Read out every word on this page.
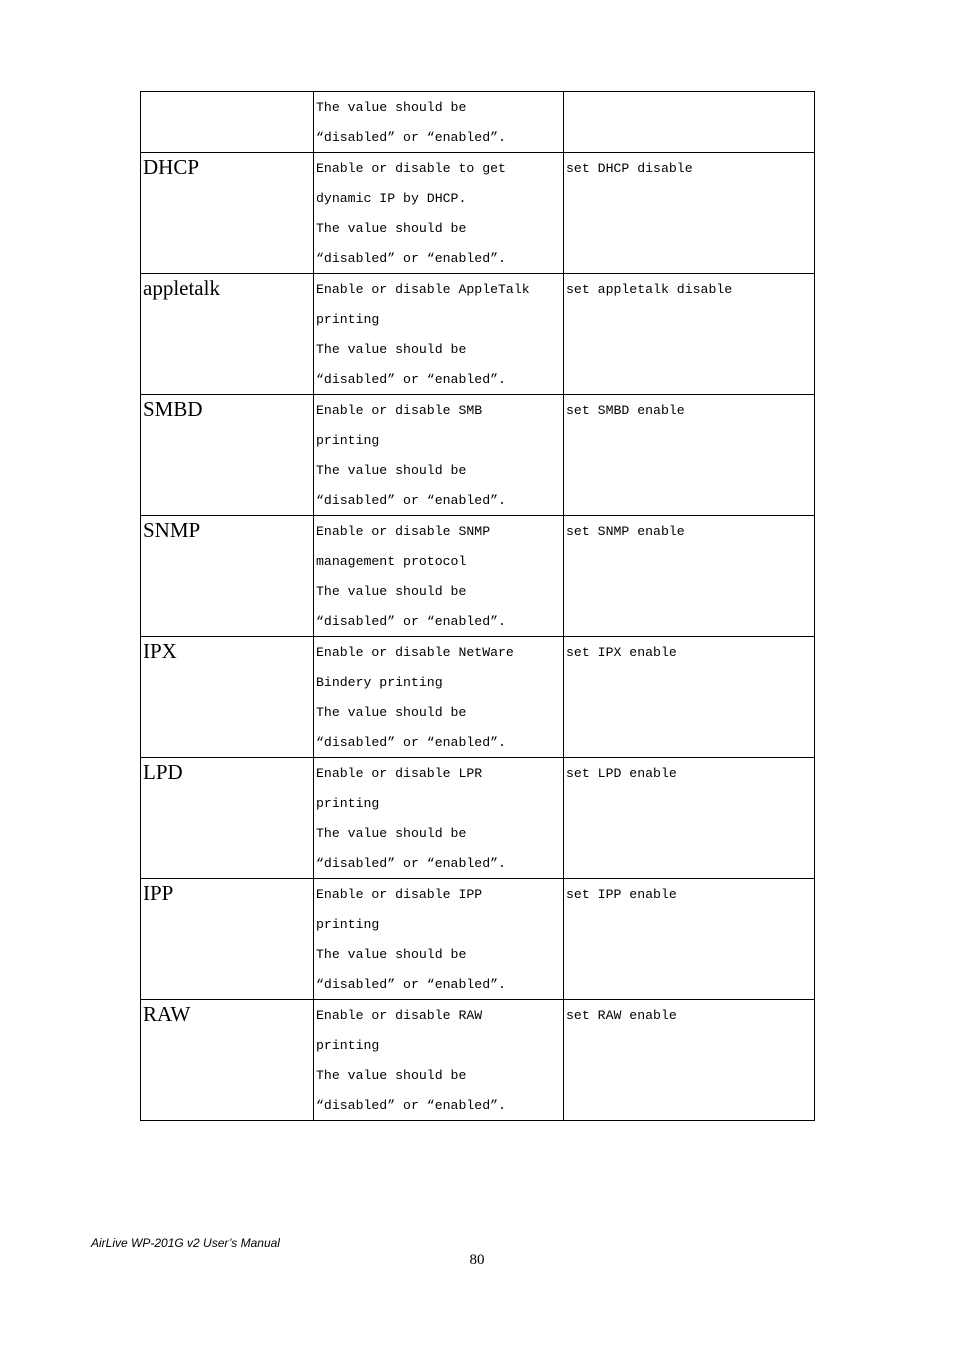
	The value should be
“disabled” or “enabled”.	

DHCP	Enable or disable to get
dynamic IP by DHCP.
The value should be
“disabled” or “enabled”.	set DHCP disable

appletalk	Enable or disable AppleTalk
printing
The value should be
“disabled” or “enabled”.	set appletalk disable

SMBD	Enable or disable SMB
printing
The value should be
“disabled” or “enabled”.	set SMBD enable

SNMP	Enable or disable SNMP
management protocol
The value should be
“disabled” or “enabled”.	set SNMP enable

IPX	Enable or disable NetWare
Bindery printing
The value should be
“disabled” or “enabled”.	set IPX enable

LPD	Enable or disable LPR
printing
The value should be
“disabled” or “enabled”.	set LPD enable

IPP	Enable or disable IPP
printing
The value should be
“disabled” or “enabled”.	set IPP enable

RAW	Enable or disable RAW
printing
The value should be
“disabled” or “enabled”.	set RAW enable
AirLive WP-201G v2 User’s Manual
80
